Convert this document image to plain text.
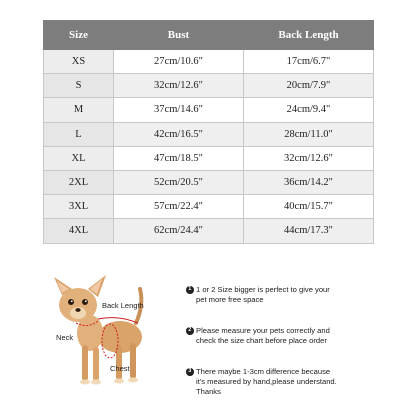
Size	Bust	Back Length
XS	27cm/10.6"	17cm/6.7"
S	32cm/12.6"	20cm/7.9"
M	37cm/14.6"	24cm/9.4"
L	42cm/16.5"	28cm/11.0"
XL	47cm/18.5"	32cm/12.6"
2XL	52cm/20.5"	36cm/14.2"
3XL	57cm/22.4"	40cm/15.7"
4XL	62cm/24.4"	44cm/17.3"
Back Length
Neck
Chest
1 1 or 2 Size bigger is perfect to give your
pet more free space
2 Please measure your pets correctly and
check the size chart before place order
3 There maybe 1-3cm difference because
it's measured by hand,please understand.
Thanks
